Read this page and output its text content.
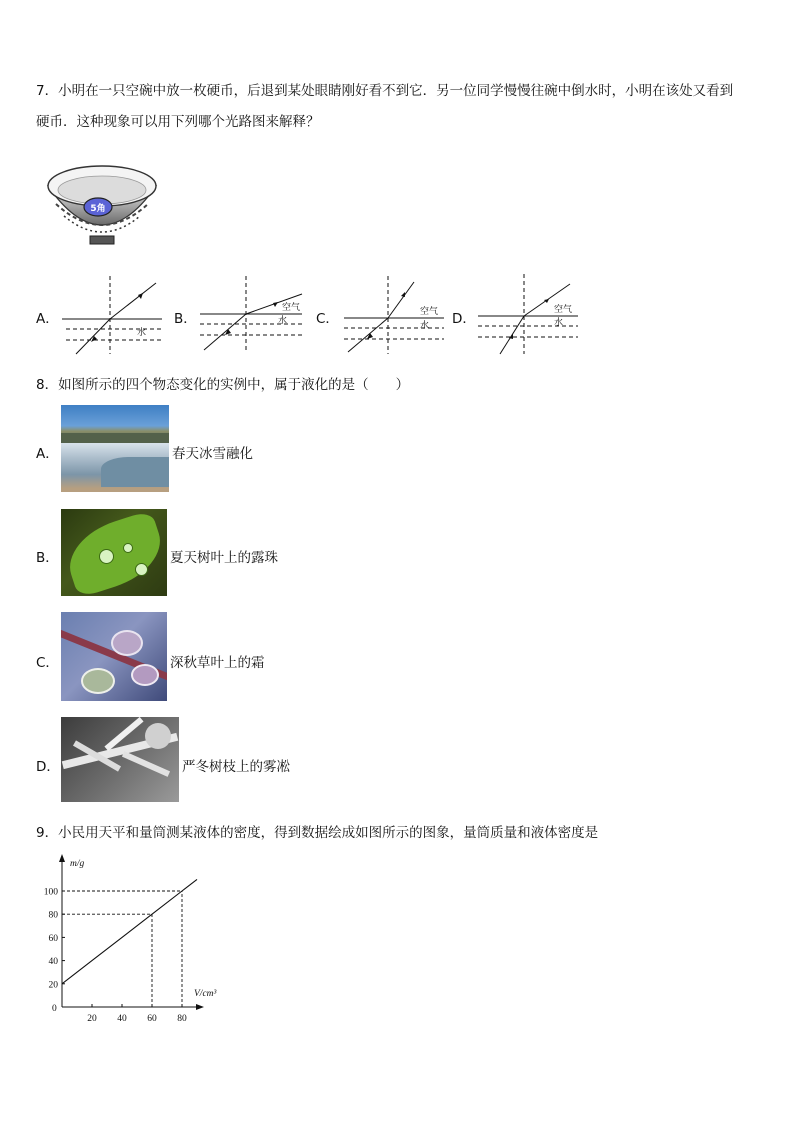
7．小明在一只空碗中放一枚硬币，后退到某处眼睛刚好看不到它．另一位同学慢慢往碗中倒水时，小明在该处又看到
硬币．这种现象可以用下列哪个光路图来解释？
5角
A．
水
B．
空气
水 C．	空气
水 D．
空气
水
8．如图所示的四个物态变化的实例中，属于液化的是（　　）
A．	春天冰雪融化
B．	夏天树叶上的露珠
C．	深秋草叶上的霜
D．	严冬树枝上的雾凇
9．小民用天平和量筒测某液体的密度，得到数据绘成如图所示的图象，量筒质量和液体密度是
m/g
V/cm³
0
20 40 60 80
20
40
60
80
100
